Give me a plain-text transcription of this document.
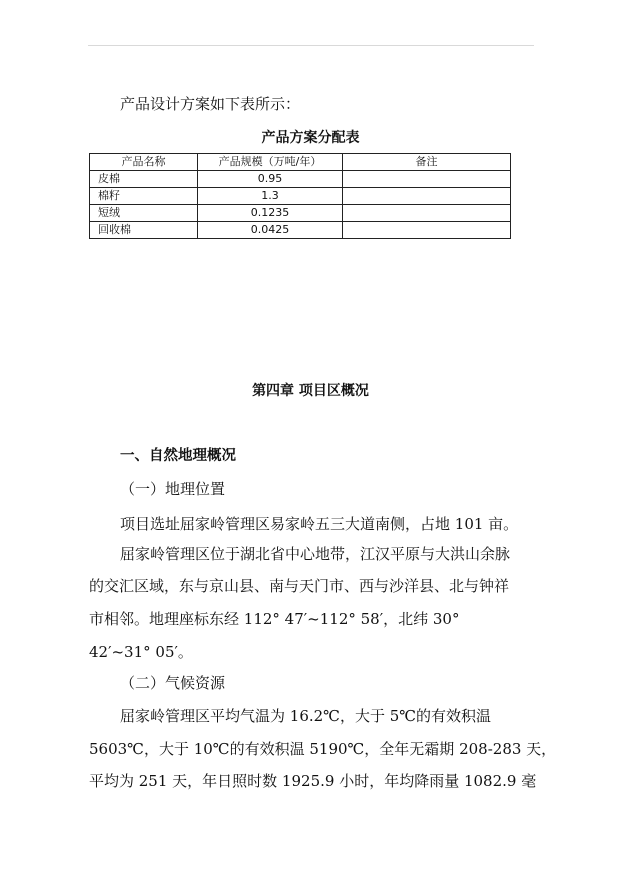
产品设计方案如下表所示：
产品方案分配表
产品名称	产品规模（万吨/年）	备注
皮棉	0.95	
棉籽	1.3	
短绒	0.1235	
回收棉	0.0425	
第四章 项目区概况
一、自然地理概况
（一）地理位置
项目选址屈家岭管理区易家岭五三大道南侧，占地 101 亩。
屈家岭管理区位于湖北省中心地带，江汉平原与大洪山余脉
的交汇区域，东与京山县、南与天门市、西与沙洋县、北与钟祥
市相邻。地理座标东经 112° 47′~112° 58′，北纬 30°
42′~31° 05′。
（二）气候资源
屈家岭管理区平均气温为 16.2℃，大于 5℃的有效积温
5603℃，大于 10℃的有效积温 5190℃，全年无霜期 208-283 天，
平均为 251 天，年日照时数 1925.9 小时，年均降雨量 1082.9 毫
